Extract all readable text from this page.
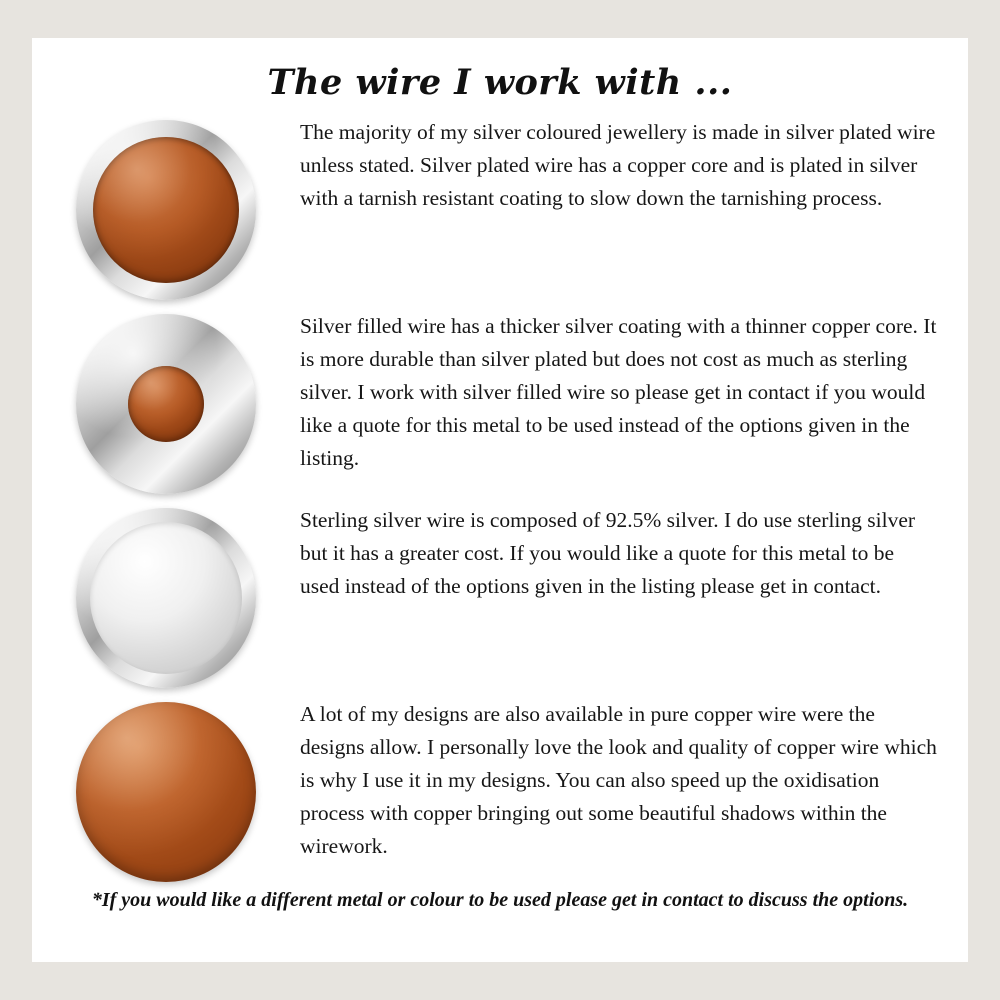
The wire I work with ...
The majority of my silver coloured jewellery is made in silver plated wire unless stated. Silver plated wire has a copper core and is plated in silver with a tarnish resistant coating to slow down the tarnishing process.
Silver filled wire has a thicker silver coating with a thinner copper core. It is more durable than silver plated but does not cost as much as sterling silver. I work with silver filled wire so please get in contact if you would like a quote for this metal to be used instead of the options given in the listing.
Sterling silver wire is composed of 92.5% silver. I do use sterling silver but it has a greater cost. If you would like a quote for this metal to be used instead of the options given in the listing please get in contact.
A lot of my designs are also available in pure copper wire were the designs allow. I personally love the look and quality of copper wire which is why I use it in my designs. You can also speed up the oxidisation process with copper bringing out some beautiful shadows within the wirework.
*If you would like a different metal or colour to be used please get in contact to discuss the options.
